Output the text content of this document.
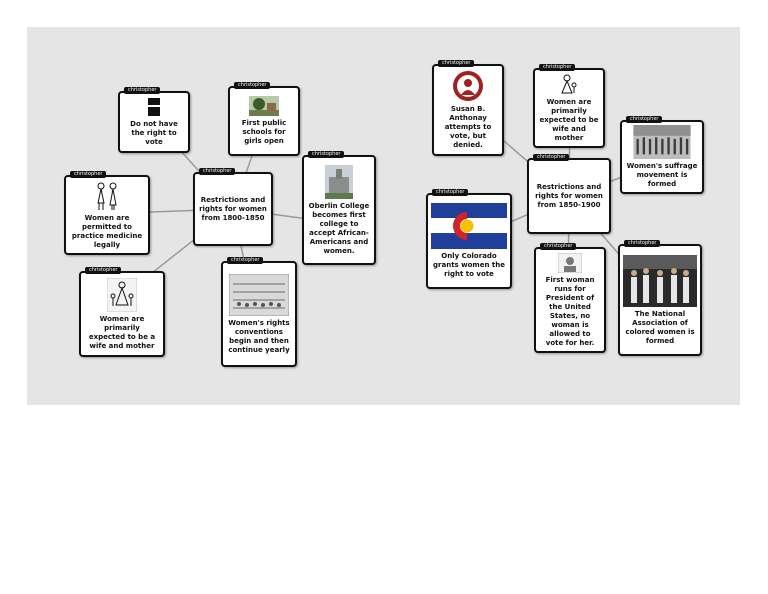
christopher
Restrictions and rights for women from 1800-1850
christopher
Do not have the right to vote
christopher
First public schools for girls open
christopher
Oberlin College becomes first college to accept African-Americans and women.
christopher
Women are permitted to practice medicine legally
christopher
Women are primarily expected to be a wife and mother
christopher
Women's rights conventions begin and then continue yearly
christopher
Restrictions and rights for women from 1850-1900
christopher
Susan B. Anthonay attempts to vote, but denied.
christopher
Women are primarily expected to be wife and mother
christopher
Women's suffrage movement is formed
christopher
Only Colorado grants women the right to vote
christopher
First woman runs for President of the United States, no woman is allowed to vote for her.
christopher
The National Association of colored women is formed
